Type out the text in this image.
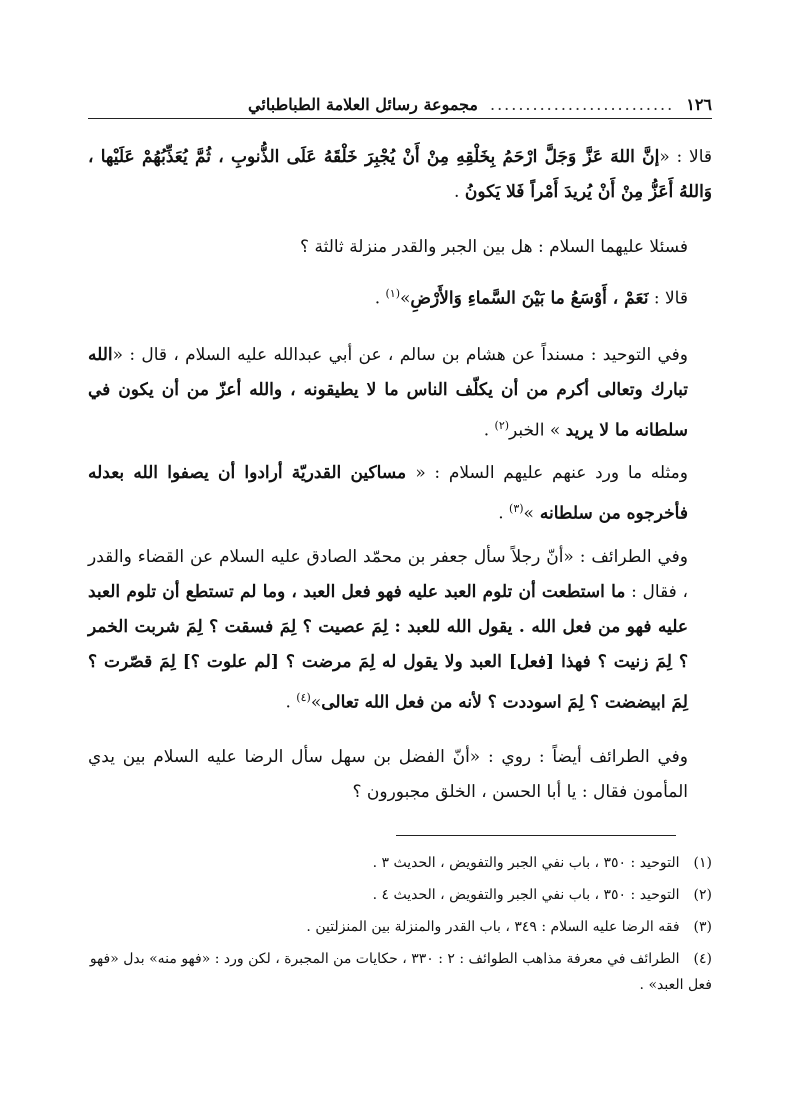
١٢٦
..........................
مجموعة رسائل العلامة الطباطبائي

قالا : «إنَّ اللهَ عَزَّ وَجَلَّ ارْحَمُ بِخَلْقِهِ مِنْ أَنْ يُجْبِرَ خَلْقَهُ عَلَى الذُّنوبِ ، ثُمَّ يُعَذِّبُهُمْ عَلَيْها ، وَاللهُ أَعَزُّ مِنْ أَنْ يُريدَ أَمْراً فَلا يَكونُ .

فسئلا عليهما السلام : هل بين الجبر والقدر منزلة ثالثة ؟

قالا : نَعَمْ ، أَوْسَعُ ما بَيْنَ السَّماءِ وَالأَرْضِ»$^{(١)}$ .

وفي التوحيد : مسنداً عن هشام بن سالم ، عن أبي عبدالله عليه السلام ، قال : «الله تبارك وتعالى أكرم من أن يكلّف الناس ما لا يطيقونه ، والله أعزّ من أن يكون في سلطانه ما لا يريد » الخبر$^{(٢)}$ .

ومثله ما ورد عنهم عليهم السلام : « مساكين القدريّة أرادوا أن يصفوا الله بعدله فأخرجوه من سلطانه »$^{(٣)}$ .

وفي الطرائف : «أنّ رجلاً سأل جعفر بن محمّد الصادق عليه السلام عن القضاء والقدر ، فقال : ما استطعت أن تلوم العبد عليه فهو فعل العبد ، وما لم تستطع أن تلوم العبد عليه فهو من فعل الله . يقول الله للعبد : لِمَ عصيت ؟ لِمَ فسقت ؟ لِمَ شربت الخمر ؟ لِمَ زنيت ؟ فهذا [فعل] العبد ولا يقول له لِمَ مرضت ؟ [لم علوت ؟] لِمَ قصّرت ؟ لِمَ ابيضضت ؟ لِمَ اسوددت ؟ لأنه من فعل الله تعالى»$^{(٤)}$ .

وفي الطرائف أيضاً : روي : «أنّ الفضل بن سهل سأل الرضا عليه السلام بين يدي المأمون فقال : يا أبا الحسن ، الخلق مجبورون ؟

(١) التوحيد : ٣٥٠ ، باب نفي الجبر والتفويض ، الحديث ٣ .
(٢) التوحيد : ٣٥٠ ، باب نفي الجبر والتفويض ، الحديث ٤ .
(٣) فقه الرضا عليه السلام : ٣٤٩ ، باب القدر والمنزلة بين المنزلتين .
(٤) الطرائف في معرفة مذاهب الطوائف : ٢ : ٣٣٠ ، حكايات من المجبرة ، لكن ورد : «فهو منه» بدل «فهو فعل العبد» .
